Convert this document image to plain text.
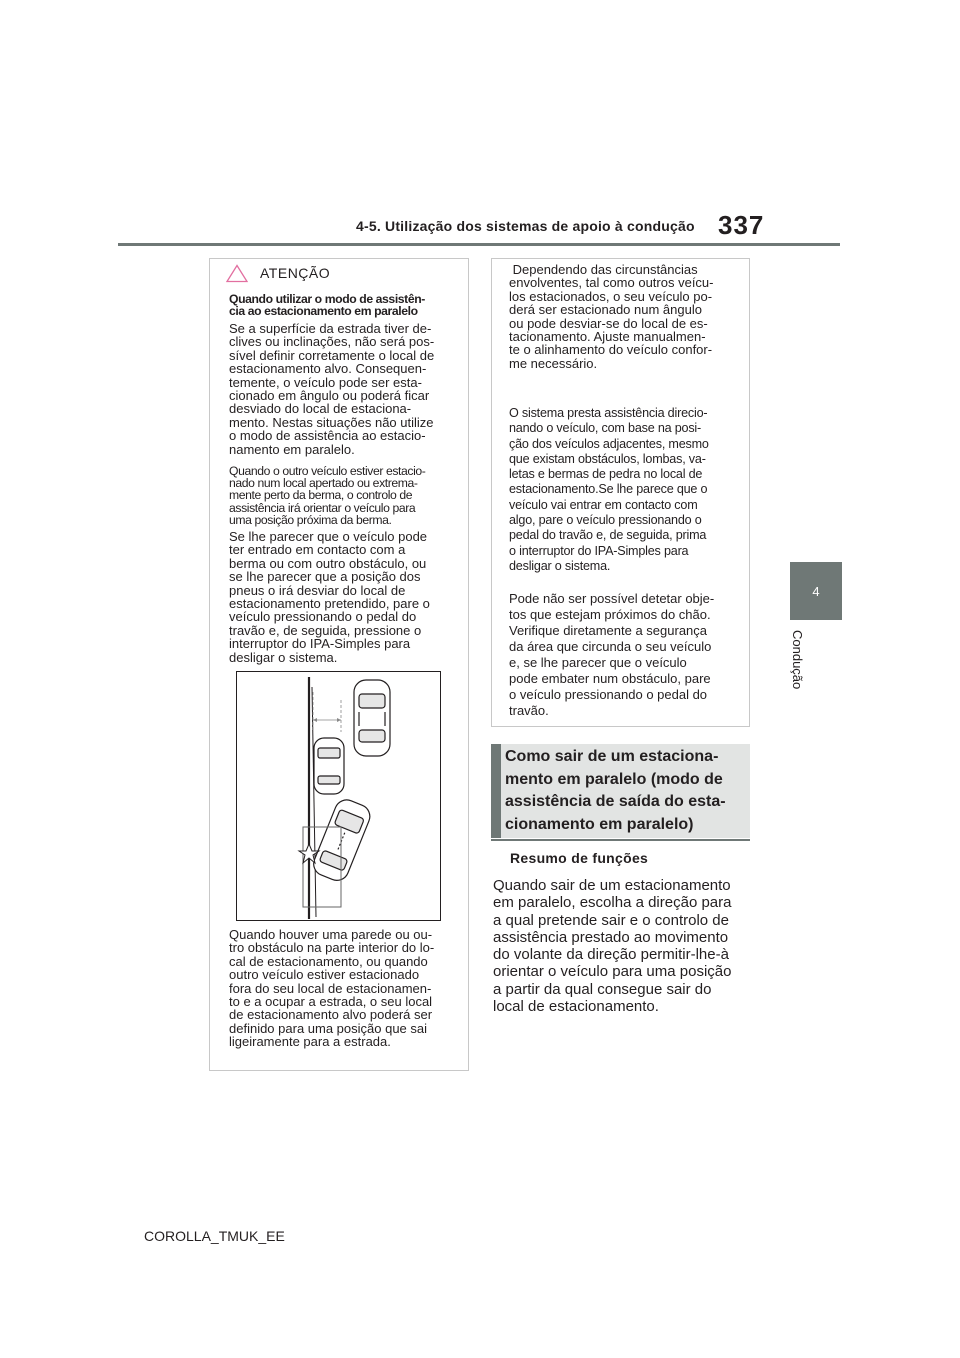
4-5. Utilização dos sistemas de apoio à condução 337
4
Condução
ATENÇÃO

Quando utilizar o modo de assistên-
cia ao estacionamento em paralelo

Se a superfície da estrada tiver de-
clives ou inclinações, não será pos-
sível definir corretamente o local de
estacionamento alvo. Consequen-
temente, o veículo pode ser esta-
cionado em ângulo ou poderá ficar
desviado do local de estaciona-
mento. Nestas situações não utilize
o modo de assistência ao estacio-
namento em paralelo.

Quando o outro veículo estiver estacio-
nado num local apertado ou extrema-
mente perto da berma, o controlo de
assistência irá orientar o veículo para
uma posição próxima da berma.

Se lhe parecer que o veículo pode
ter entrado em contacto com a
berma ou com outro obstáculo, ou
se lhe parecer que a posição dos
pneus o irá desviar do local de
estacionamento pretendido, pare o
veículo pressionando o pedal do
travão e, de seguida, pressione o
interruptor do IPA-Simples para
desligar o sistema.

Quando houver uma parede ou ou-
tro obstáculo na parte interior do lo-
cal de estacionamento, ou quando
outro veículo estiver estacionado
fora do seu local de estacionamen-
to e a ocupar a estrada, o seu local
de estacionamento alvo poderá ser
definido para uma posição que sai
ligeiramente para a estrada.

Dependendo das circunstâncias
envolventes, tal como outros veícu-
los estacionados, o seu veículo po-
derá ser estacionado num ângulo
ou pode desviar-se do local de es-
tacionamento. Ajuste manualmen-
te o alinhamento do veículo confor-
me necessário.

O sistema presta assistência direcio-
nando o veículo, com base na posi-
ção dos veículos adjacentes, mesmo
que existam obstáculos, lombas, va-
letas e bermas de pedra no local de
estacionamento.Se lhe parece que o
veículo vai entrar em contacto com
algo, pare o veículo pressionando o
pedal do travão e, de seguida, prima
o interruptor do IPA-Simples para
desligar o sistema.

Pode não ser possível detetar obje-
tos que estejam próximos do chão.
Verifique diretamente a segurança
da área que circunda o seu veículo
e, se lhe parecer que o veículo
pode embater num obstáculo, pare
o veículo pressionando o pedal do
travão.

Como sair de um estaciona-
mento em paralelo (modo de
assistência de saída do esta-
cionamento em paralelo)
Resumo de funções

Quando sair de um estacionamento
em paralelo, escolha a direção para
a qual pretende sair e o controlo de
assistência prestado ao movimento
do volante da direção permitir-lhe-à
orientar o veículo para uma posição
a partir da qual consegue sair do
local de estacionamento.

COROLLA_TMUK_EE
